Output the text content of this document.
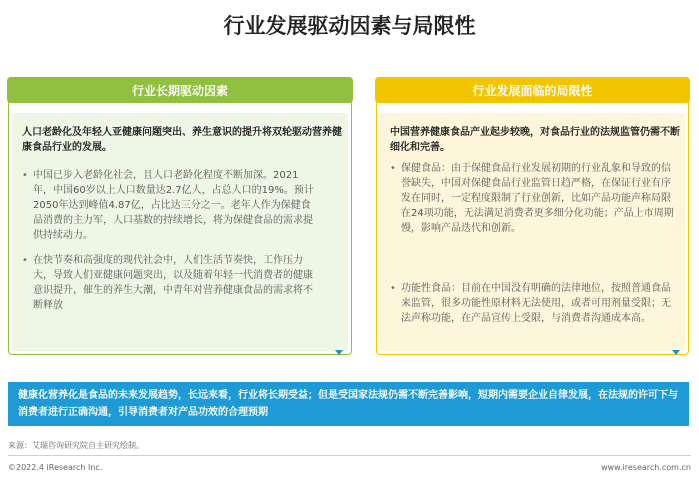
行业发展驱动因素与局限性
行业长期驱动因素
人口老龄化及年轻人亚健康问题突出、养生意识的提升将双轮驱动营养健康食品行业的发展。
• 中国已步入老龄化社会，且人口老龄化程度不断加深。2021年，中国60岁以上人口数量达2.7亿人，占总人口的19%。预计2050年达到峰值4.87亿，占比达三分之一。老年人作为保健食品消费的主力军，人口基数的持续增长，将为保健食品的需求提供持续动力。
• 在快节奏和高强度的现代社会中，人们生活节奏快，工作压力大，导致人们亚健康问题突出，以及随着年轻一代消费者的健康意识提升，催生的养生大潮，中青年对营养健康食品的需求将不断释放
行业发展面临的局限性
中国营养健康食品产业起步较晚，对食品行业的法规监管仍需不断细化和完善。
• 保健食品：由于保健食品行业发展初期的行业乱象和导致的信誉缺失，中国对保健食品行业监管日趋严格，在保证行业有序发在同时，一定程度限制了行业创新，比如产品功能声称局限在24项功能，无法满足消费者更多细分化功能；产品上市周期慢，影响产品迭代和创新。
• 功能性食品：目前在中国没有明确的法律地位，按照普通食品来监管，很多功能性原材料无法使用，或者可用剂量受限；无法声称功能，在产品宣传上受限，与消费者沟通成本高。
健康化营养化是食品的未来发展趋势，长远来看，行业将长期受益；但是受国家法规仍需不断完善影响，短期内需要企业自律发展，在法规的许可下与消费者进行正确沟通，引导消费者对产品功效的合理预期
来源：艾瑞咨询研究院自主研究绘制。
©2022.4 iResearch Inc.	www.iresearch.com.cn
